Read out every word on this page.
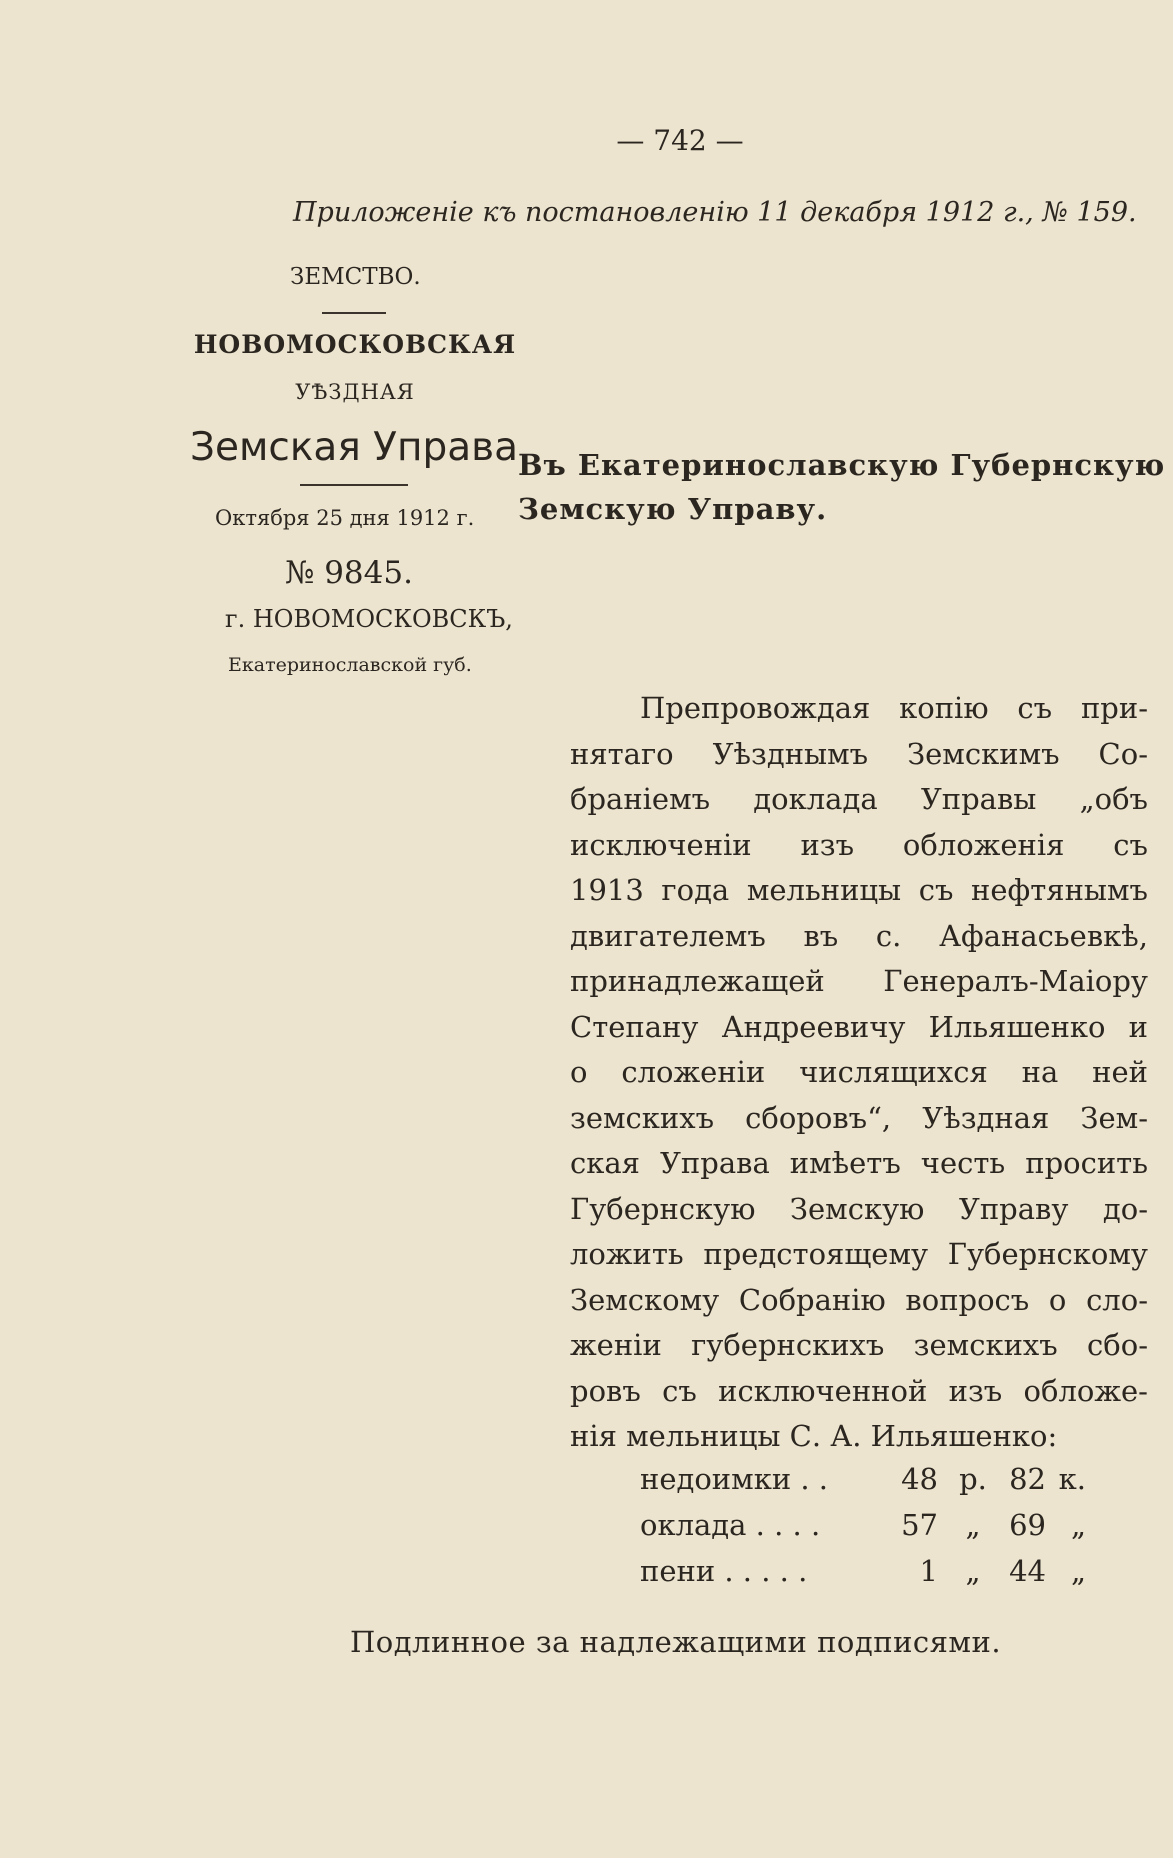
— 742 —
Приложенiе къ постановленiю 11 декабря 1912 г., № 159.
ЗЕМСТВО.
НОВОМОСКОВСКАЯ
УѢЗДНАЯ
Земская Управа.
Октября 25 дня 1912 г.
№ 9845.
г. НОВОМОСКОВСКЪ,
Екатеринославской губ.
Въ Екатеринославскую Губернскую
Земскую Управу.
Препровождая копiю съ при-
нятаго Уѣзднымъ Земскимъ Со-
бранiемъ доклада Управы „объ
исключенiи изъ обложенiя съ
1913 года мельницы съ нефтянымъ
двигателемъ въ с. Афанасьевкѣ,
принадлежащей Генералъ-Маiору
Степану Андреевичу Ильяшенко и
о сложенiи числящихся на ней
земскихъ сборовъ“, Уѣздная Зем-
ская Управа имѣетъ честь просить
Губернскую Земскую Управу до-
ложить предстоящему Губернскому
Земскому Собранiю вопросъ о сло-
женiи губернскихъ земскихъ сбо-
ровъ съ исключенной изъ обложе-
нiя мельницы С. А. Ильяшенко:
недоимки . .	48 р. 82 к.
оклада . . . .	57 „ 69 „
пени . . . . .	1 „ 44 „
Подлинное за надлежащими подписями.
